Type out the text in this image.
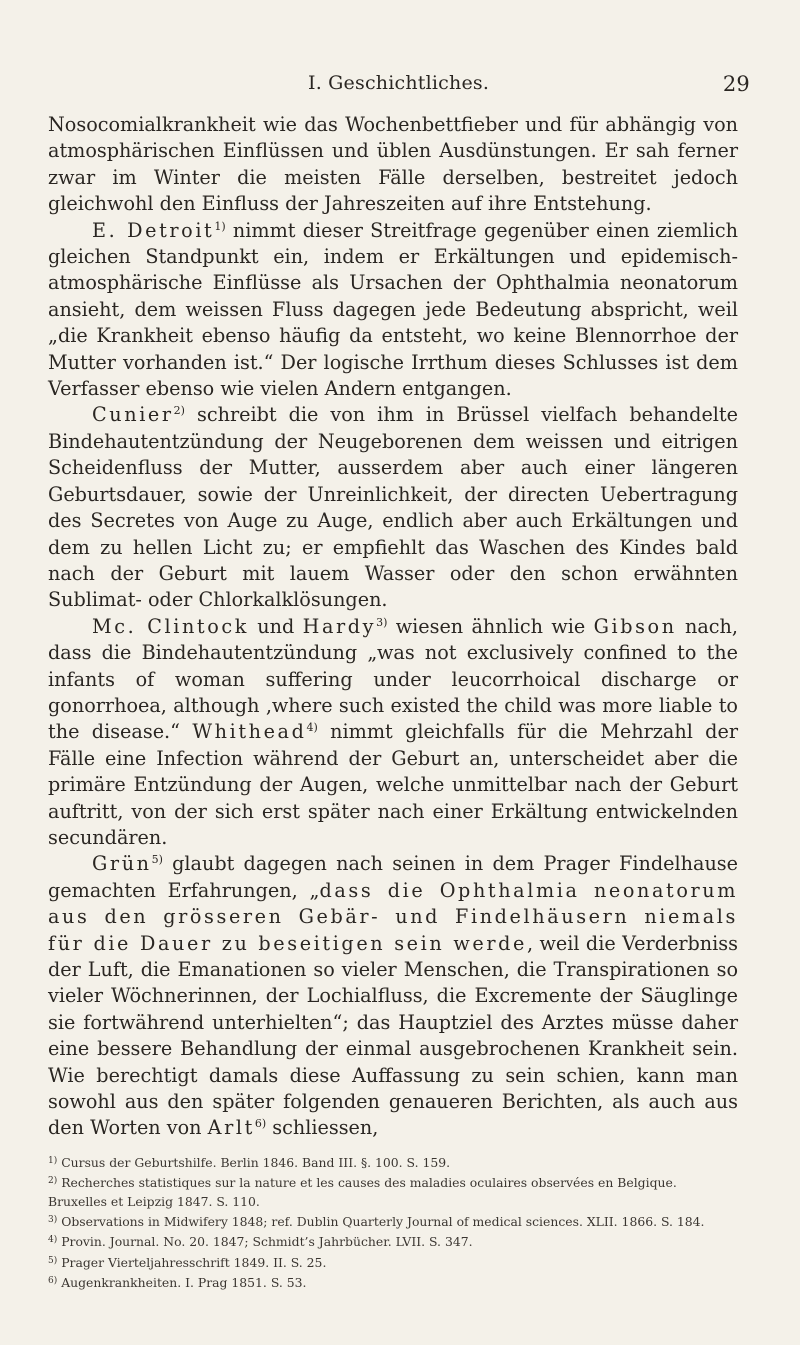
I. Geschichtliches.	29

Nosocomialkrankheit wie das Wochenbettfieber und für abhängig von atmosphärischen Einflüssen und üblen Ausdünstungen. Er sah ferner zwar im Winter die meisten Fälle derselben, bestreitet jedoch gleichwohl den Einfluss der Jahreszeiten auf ihre Entstehung.

E. Detroit$^{1)}$ nimmt dieser Streitfrage gegenüber einen ziemlich gleichen Standpunkt ein, indem er Erkältungen und epidemisch-atmosphärische Einflüsse als Ursachen der Ophthalmia neonatorum ansieht, dem weissen Fluss dagegen jede Bedeutung abspricht, weil „die Krankheit ebenso häufig da entsteht, wo keine Blennorrhoe der Mutter vorhanden ist.“ Der logische Irrthum dieses Schlusses ist dem Verfasser ebenso wie vielen Andern entgangen.

Cunier$^{2)}$ schreibt die von ihm in Brüssel vielfach behandelte Bindehautentzündung der Neugeborenen dem weissen und eitrigen Scheidenfluss der Mutter, ausserdem aber auch einer längeren Geburtsdauer, sowie der Unreinlichkeit, der directen Uebertragung des Secretes von Auge zu Auge, endlich aber auch Erkältungen und dem zu hellen Licht zu; er empfiehlt das Waschen des Kindes bald nach der Geburt mit lauem Wasser oder den schon erwähnten Sublimat- oder Chlorkalklösungen.

Mc. Clintock und Hardy$^{3)}$ wiesen ähnlich wie Gibson nach, dass die Bindehautentzündung „was not exclusively confined to the infants of woman suffering under leucorrhoical discharge or gonorrhoea, although ‚where such existed the child was more liable to the disease.“ Whithead$^{4)}$ nimmt gleichfalls für die Mehrzahl der Fälle eine Infection während der Geburt an, unterscheidet aber die primäre Entzündung der Augen, welche unmittelbar nach der Geburt auftritt, von der sich erst später nach einer Erkältung entwickelnden secundären.

Grün$^{5)}$ glaubt dagegen nach seinen in dem Prager Findelhause gemachten Erfahrungen, „dass die Ophthalmia neonatorum aus den grösseren Gebär- und Findelhäusern niemals für die Dauer zu beseitigen sein werde, weil die Verderbniss der Luft, die Emanationen so vieler Menschen, die Transpirationen so vieler Wöchnerinnen, der Lochialfluss, die Excremente der Säuglinge sie fortwährend unterhielten“; das Hauptziel des Arztes müsse daher eine bessere Behandlung der einmal ausgebrochenen Krankheit sein. Wie berechtigt damals diese Auffassung zu sein schien, kann man sowohl aus den später folgenden genaueren Berichten, als auch aus den Worten von Arlt$^{6)}$ schliessen,

$^{1)}$ Cursus der Geburtshilfe. Berlin 1846. Band III. §. 100. S. 159.

$^{2)}$ Recherches statistiques sur la nature et les causes des maladies oculaires observées en Belgique. Bruxelles et Leipzig 1847. S. 110.

$^{3)}$ Observations in Midwifery 1848; ref. Dublin Quarterly Journal of medical sciences. XLII. 1866. S. 184.

$^{4)}$ Provin. Journal. No. 20. 1847; Schmidt’s Jahrbücher. LVII. S. 347.

$^{5)}$ Prager Vierteljahresschrift 1849. II. S. 25.

$^{6)}$ Augenkrankheiten. I. Prag 1851. S. 53.
